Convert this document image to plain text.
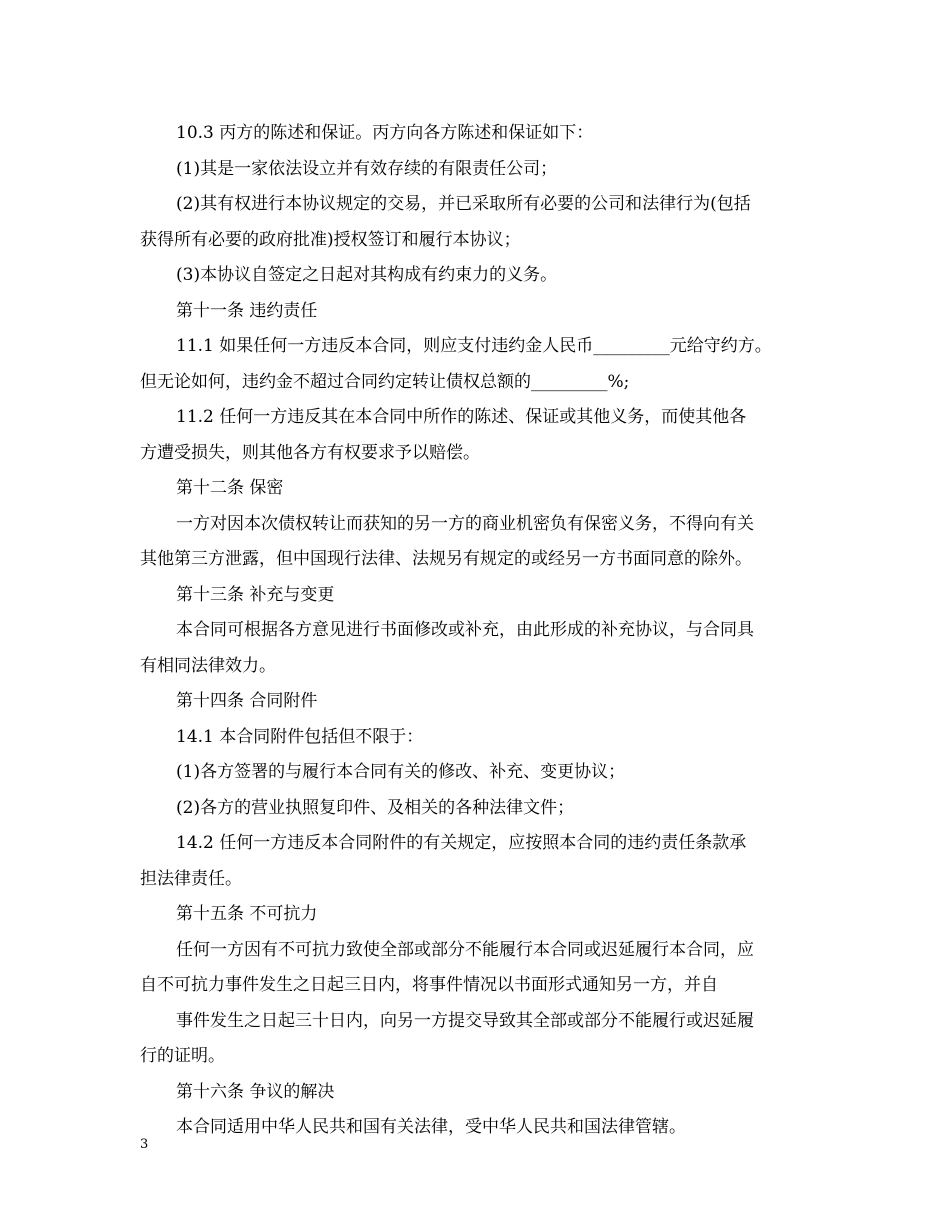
10.3 丙方的陈述和保证。丙方向各方陈述和保证如下：

(1)其是一家依法设立并有效存续的有限责任公司；

(2)其有权进行本协议规定的交易，并已采取所有必要的公司和法律行为(包括

获得所有必要的政府批准)授权签订和履行本协议；

(3)本协议自签定之日起对其构成有约束力的义务。

第十一条 违约责任

11.1 如果任何一方违反本合同，则应支付违约金人民币_________元给守约方。

但无论如何，违约金不超过合同约定转让债权总额的_________%;

11.2 任何一方违反其在本合同中所作的陈述、保证或其他义务，而使其他各

方遭受损失，则其他各方有权要求予以赔偿。

第十二条 保密

一方对因本次债权转让而获知的另一方的商业机密负有保密义务，不得向有关

其他第三方泄露，但中国现行法律、法规另有规定的或经另一方书面同意的除外。

第十三条 补充与变更

本合同可根据各方意见进行书面修改或补充，由此形成的补充协议，与合同具

有相同法律效力。

第十四条 合同附件

14.1 本合同附件包括但不限于：

(1)各方签署的与履行本合同有关的修改、补充、变更协议；

(2)各方的营业执照复印件、及相关的各种法律文件；

14.2 任何一方违反本合同附件的有关规定，应按照本合同的违约责任条款承

担法律责任。

第十五条 不可抗力

任何一方因有不可抗力致使全部或部分不能履行本合同或迟延履行本合同，应

自不可抗力事件发生之日起三日内，将事件情况以书面形式通知另一方，并自

事件发生之日起三十日内，向另一方提交导致其全部或部分不能履行或迟延履

行的证明。

第十六条 争议的解决

本合同适用中华人民共和国有关法律，受中华人民共和国法律管辖。

3
